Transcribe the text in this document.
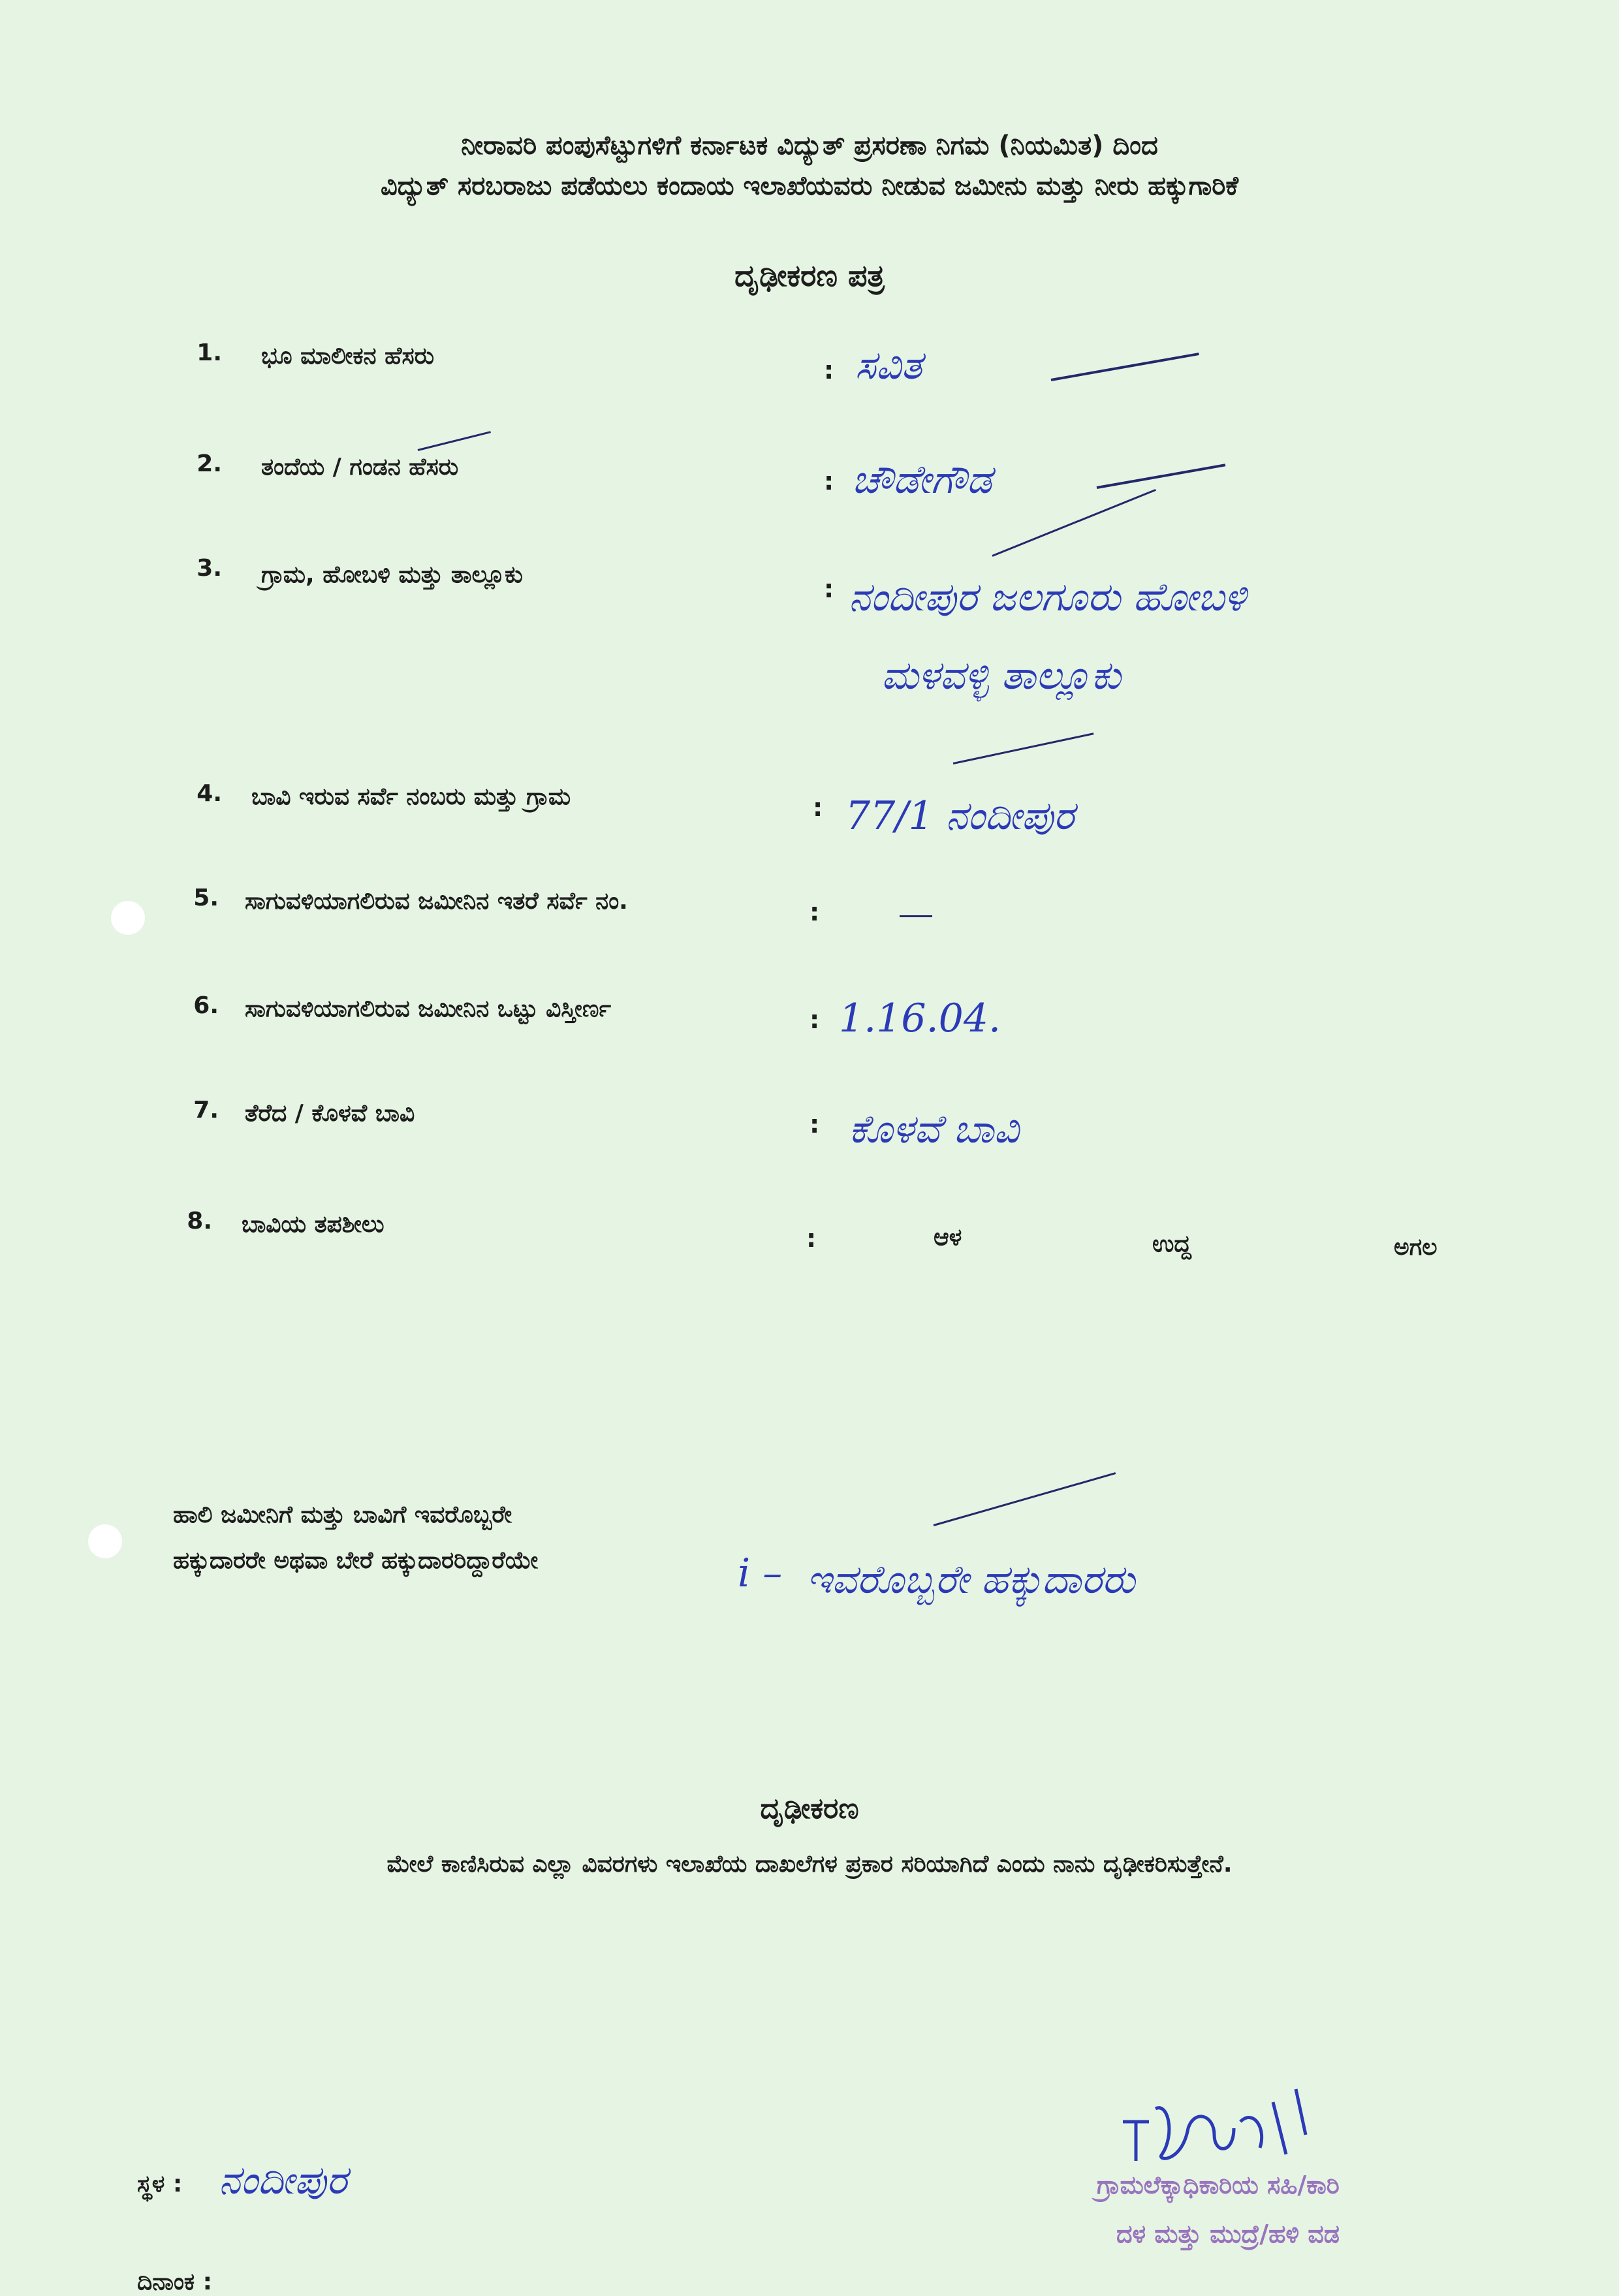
ನೀರಾವರಿ ಪಂಪುಸೆಟ್ಟುಗಳಿಗೆ ಕರ್ನಾಟಕ ವಿದ್ಯುತ್ ಪ್ರಸರಣಾ ನಿಗಮ (ನಿಯಮಿತ) ದಿಂದ
ವಿದ್ಯುತ್ ಸರಬರಾಜು ಪಡೆಯಲು ಕಂದಾಯ ಇಲಾಖೆಯವರು ನೀಡುವ ಜಮೀನು ಮತ್ತು ನೀರು ಹಕ್ಕುಗಾರಿಕೆ
ದೃಢೀಕರಣ ಪತ್ರ
1. ಭೂ ಮಾಲೀಕನ ಹೆಸರು	: ಸವಿತ
2. ತಂದೆಯ / ಗಂಡನ ಹೆಸರು	: ಚೌಡೇಗೌಡ
3. ಗ್ರಾಮ, ಹೋಬಳಿ ಮತ್ತು ತಾಲ್ಲೂಕು	: ನಂದೀಪುರ ಜಲಗೂರು ಹೋಬಳಿ
ಮಳವಳ್ಳಿ ತಾಲ್ಲೂಕು
4. ಬಾವಿ ಇರುವ ಸರ್ವೆ ನಂಬರು ಮತ್ತು ಗ್ರಾಮ	: 77/1 ನಂದೀಪುರ
5. ಸಾಗುವಳಿಯಾಗಲಿರುವ ಜಮೀನಿನ ಇತರೆ ಸರ್ವೆ ನಂ.	:
6. ಸಾಗುವಳಿಯಾಗಲಿರುವ ಜಮೀನಿನ ಒಟ್ಟು ವಿಸ್ತೀರ್ಣ	: 1.16.04.
7. ತೆರೆದ / ಕೊಳವೆ ಬಾವಿ	: ಕೊಳವೆ ಬಾವಿ
8. ಬಾವಿಯ ತಪಶೀಲು	:	ಆಳ	ಉದ್ದ	ಅಗಲ
ಹಾಲಿ ಜಮೀನಿಗೆ ಮತ್ತು ಬಾವಿಗೆ ಇವರೊಬ್ಬರೇ
ಹಕ್ಕುದಾರರೇ ಅಥವಾ ಬೇರೆ ಹಕ್ಕುದಾರರಿದ್ದಾರೆಯೇ	i – ಇವರೊಬ್ಬರೇ ಹಕ್ಕುದಾರರು
ದೃಢೀಕರಣ
ಮೇಲೆ ಕಾಣಿಸಿರುವ ಎಲ್ಲಾ ವಿವರಗಳು ಇಲಾಖೆಯ ದಾಖಲೆಗಳ ಪ್ರಕಾರ ಸರಿಯಾಗಿದೆ ಎಂದು ನಾನು ದೃಢೀಕರಿಸುತ್ತೇನೆ.
ಸ್ಥಳ : ನಂದೀಪುರ
ದಿನಾಂಕ :
ಗ್ರಾಮಲೆಕ್ಕಾಧಿಕಾರಿಯ ಸಹಿ/ಕಾರಿ
ದಳ ಮತ್ತು ಮುದ್ರೆ/ಹಳಿ ವಡ
